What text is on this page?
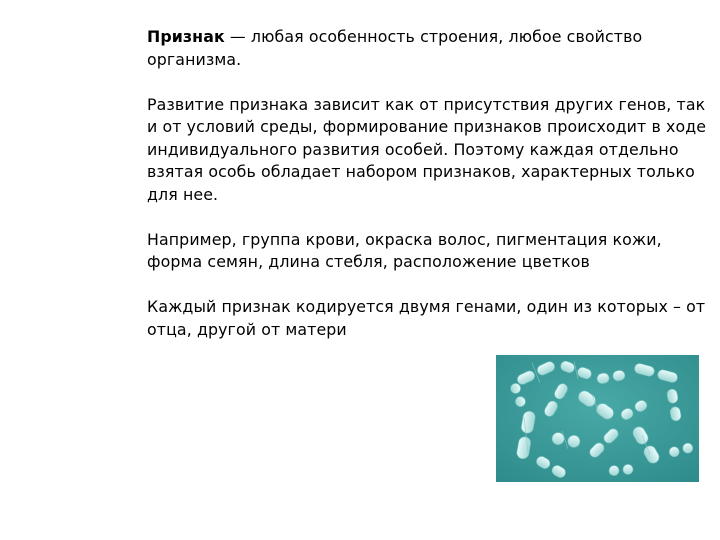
Признак — любая особенность строения, любое свойство организма.

Развитие признака зависит как от присутствия других генов, так и от условий среды, формирование признаков происходит в ходе индивидуального развития особей. Поэтому каждая отдельно взятая особь обладает набором признаков, характерных только для нее.

Например, группа крови, окраска волос, пигментация кожи, форма семян, длина стебля, расположение цветков

Каждый признак кодируется двумя генами, один из которых – от отца, другой от матери
